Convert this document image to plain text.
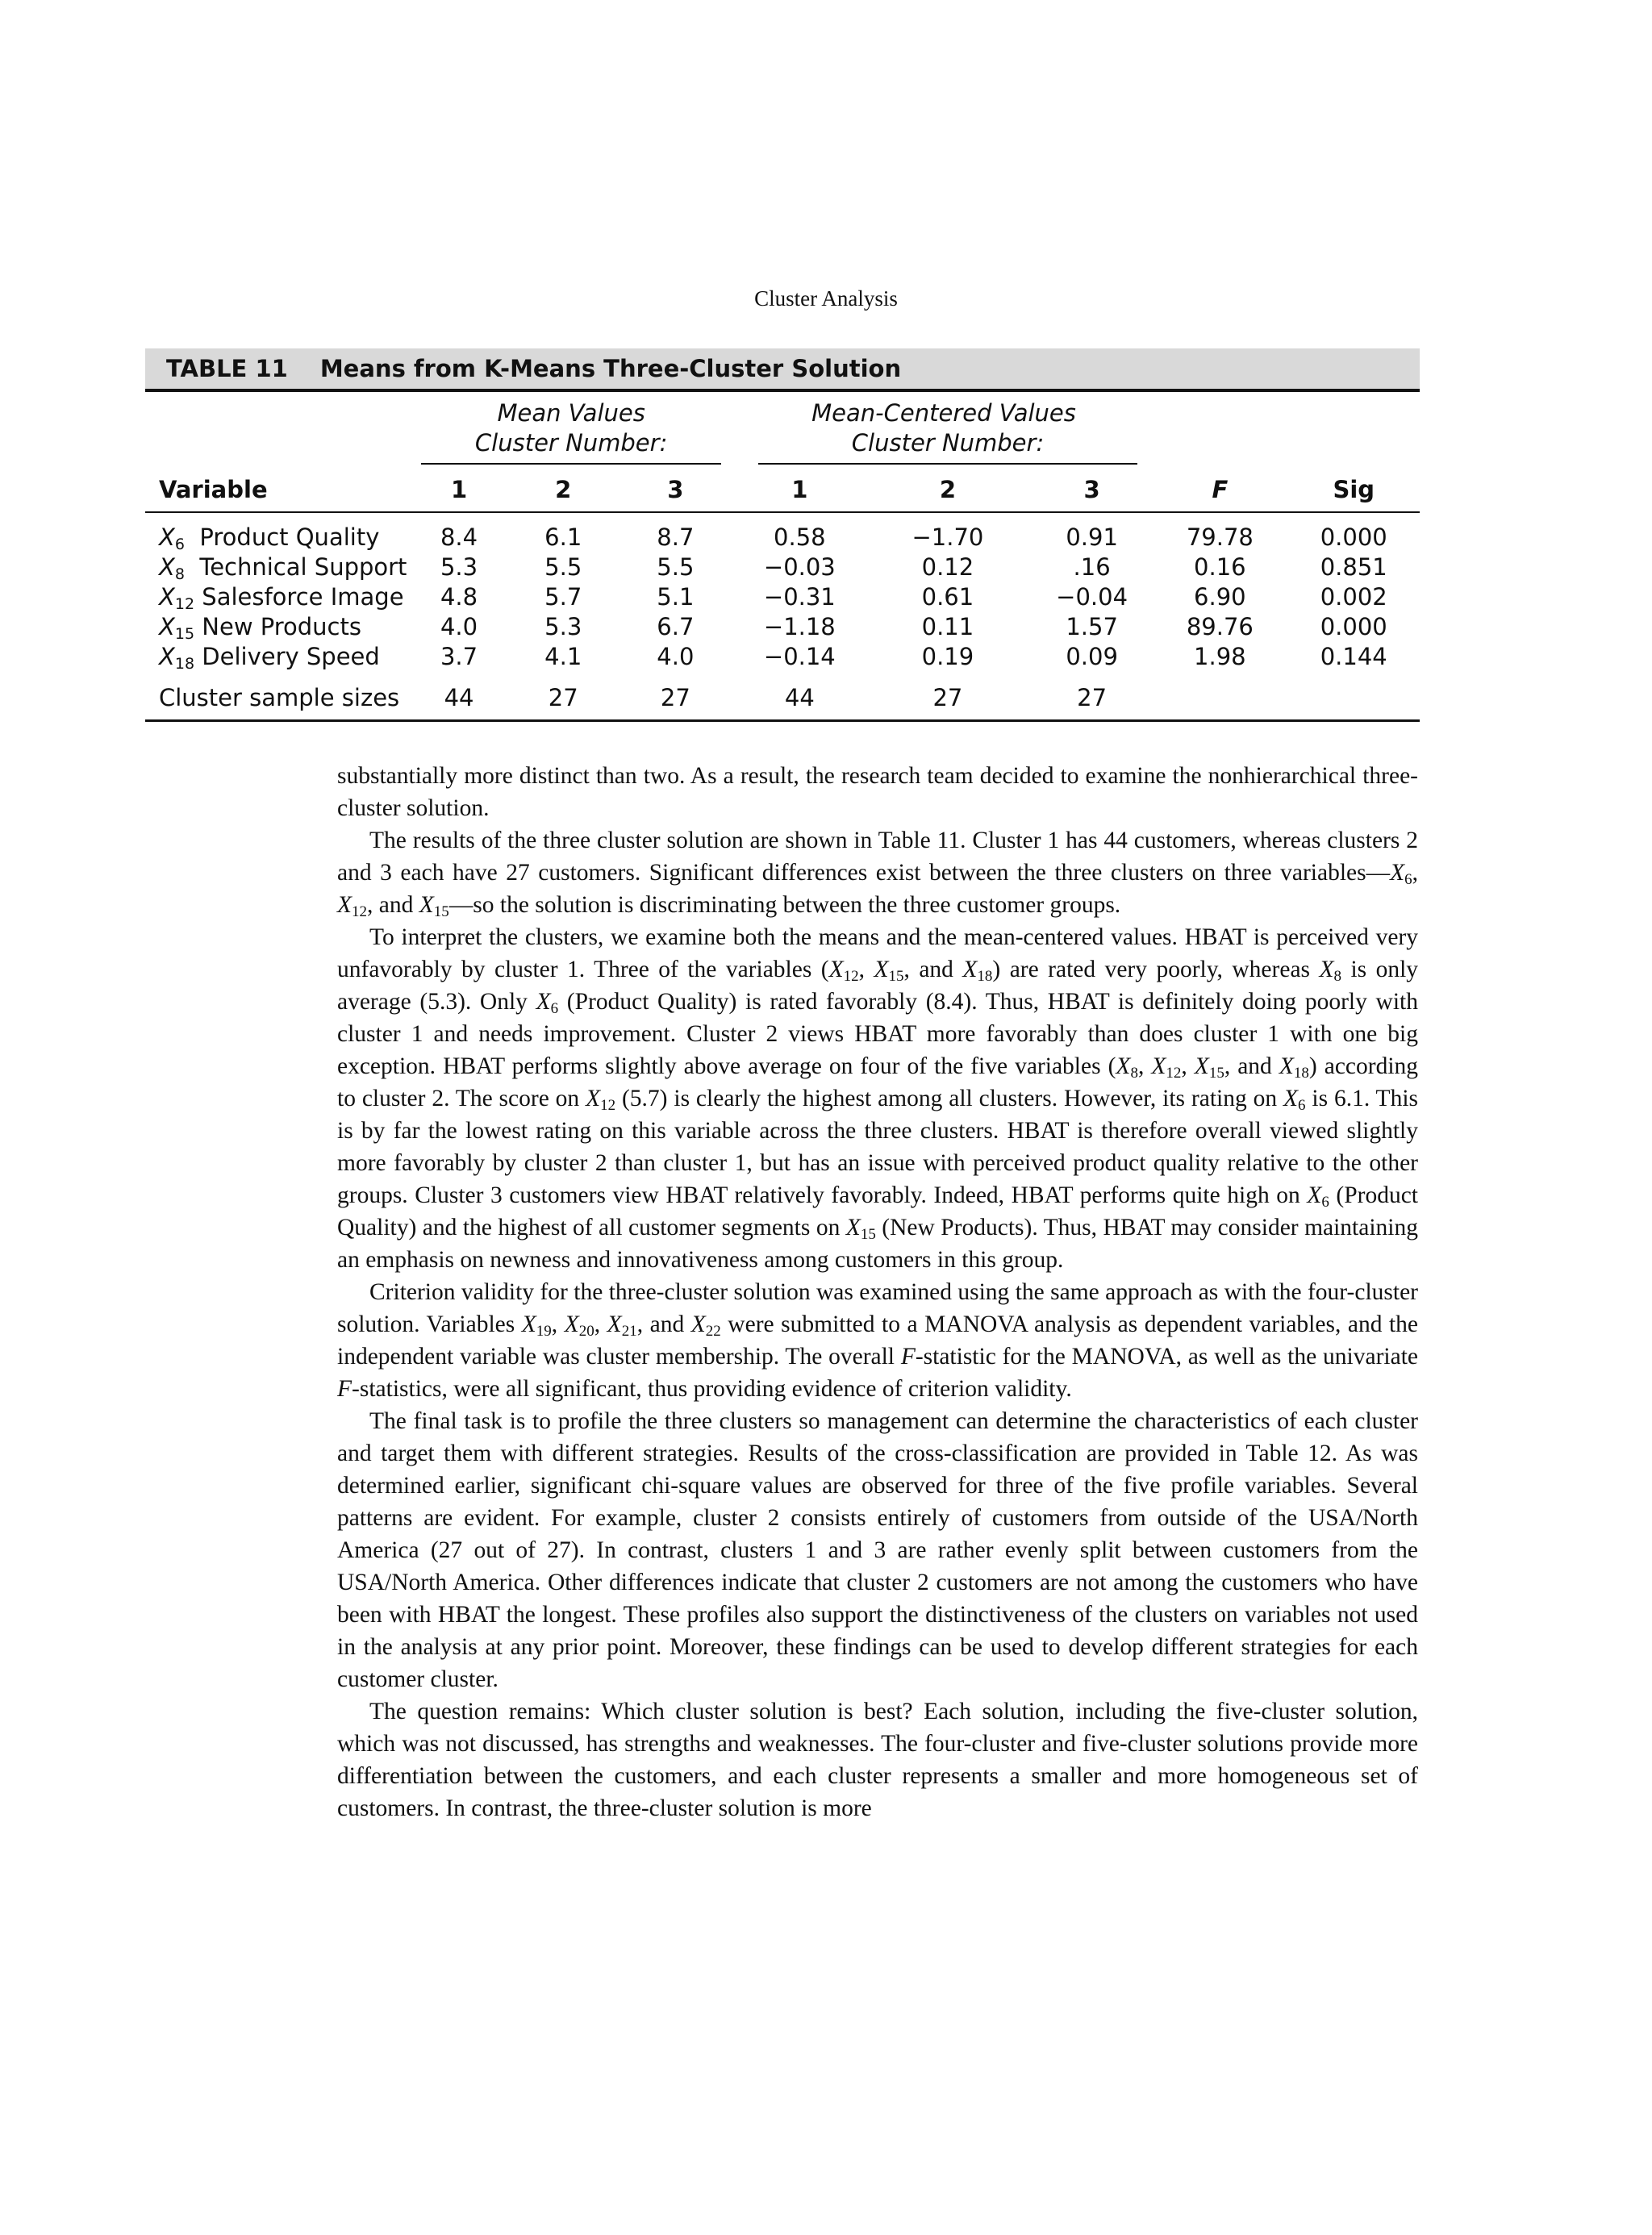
Cluster Analysis
TABLE 11 Means from K-Means Three-Cluster Solution
	Mean Values			Mean-Centered Values				

	Cluster Number:			Cluster Number:				

Variable	1	2	3	1	2	3	F	Sig
$X_6$  Product Quality	8.4	6.1	8.7	0.58	−1.70	0.91	79.78	0.000
$X_8$  Technical Support	5.3	5.5	5.5	−0.03	0.12	.16	0.16	0.851
$X_{12}$ Salesforce Image	4.8	5.7	5.1	−0.31	0.61	−0.04	6.90	0.002
$X_{15}$ New Products	4.0	5.3	6.7	−1.18	0.11	1.57	89.76	0.000
$X_{18}$ Delivery Speed	3.7	4.1	4.0	−0.14	0.19	0.09	1.98	0.144
Cluster sample sizes	44	27	27	44	27	27		

substantially more distinct than two. As a result, the research team decided to examine the nonhierarchical three-cluster solution.

The results of the three cluster solution are shown in Table 11. Cluster 1 has 44 customers, whereas clusters 2 and 3 each have 27 customers. Significant differences exist between the three clusters on three $variables—X_6$, $X_{12}$, and $X_{15}—so$ the solution is discriminating between the three customer groups.

To interpret the clusters, we examine both the means and the mean-centered values. HBAT is perceived very unfavorably by cluster 1. Three of the variables ($X_{12}$, $X_{15}$, and $X_{18}$) are rated very poorly, whereas $X_8$ is only average (5.3). Only $X_6$ (Product Quality) is rated favorably (8.4). Thus, HBAT is definitely doing poorly with cluster 1 and needs improvement. Cluster 2 views HBAT more favorably than does cluster 1 with one big exception. HBAT performs slightly above average on four of the five variables ($X_8$, $X_{12}$, $X_{15}$, and $X_{18}$) according to cluster 2. The score on $X_{12}$ (5.7) is clearly the highest among all clusters. However, its rating on $X_6$ is 6.1. This is by far the lowest rating on this variable across the three clusters. HBAT is therefore overall viewed slightly more favorably by cluster 2 than cluster 1, but has an issue with perceived product quality relative to the other groups. Cluster 3 customers view HBAT relatively favorably. Indeed, HBAT performs quite high on $X_6$ (Product Quality) and the highest of all customer segments on $X_{15}$ (New Products). Thus, HBAT may consider maintaining an emphasis on newness and innovativeness among customers in this group.

Criterion validity for the three-cluster solution was examined using the same approach as with the four-cluster solution. Variables $X_{19}$, $X_{20}$, $X_{21}$, and $X_{22}$ were submitted to a MANOVA analysis as dependent variables, and the independent variable was cluster membership. The overall F-statistic for the MANOVA, as well as the univariate F-statistics, were all significant, thus providing evidence of criterion validity.

The final task is to profile the three clusters so management can determine the characteristics of each cluster and target them with different strategies. Results of the cross-classification are provided in Table 12. As was determined earlier, significant chi-square values are observed for three of the five profile variables. Several patterns are evident. For example, cluster 2 consists entirely of customers from outside of the USA/North America (27 out of 27). In contrast, clusters 1 and 3 are rather evenly split between customers from the USA/North America. Other differences indicate that cluster 2 customers are not among the customers who have been with HBAT the longest. These profiles also support the distinctiveness of the clusters on variables not used in the analysis at any prior point. Moreover, these findings can be used to develop different strategies for each customer cluster.

The question remains: Which cluster solution is best? Each solution, including the five-cluster solution, which was not discussed, has strengths and weaknesses. The four-cluster and five-cluster solutions provide more differentiation between the customers, and each cluster represents a smaller and more homogeneous set of customers. In contrast, the three-cluster solution is more
